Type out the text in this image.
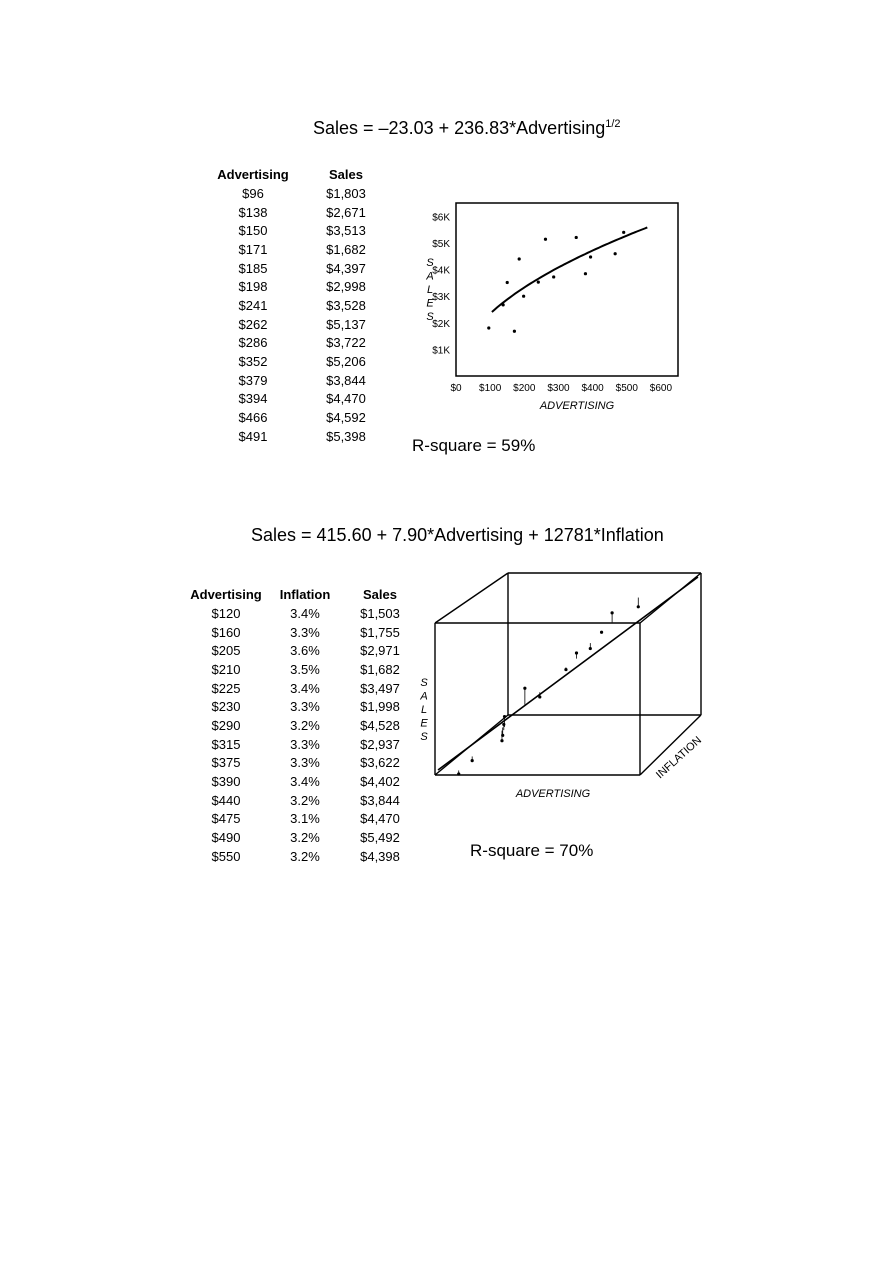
Sales = –23.03 + 236.83*Advertising$^{1/2}$
Advertising	Sales
$96	$1,803
$138	$2,671
$150	$3,513
$171	$1,682
$185	$4,397
$198	$2,998
$241	$3,528
$262	$5,137
$286	$3,722
$352	$5,206
$379	$3,844
$394	$4,470
$466	$4,592
$491	$5,398
$1K
$2K
$3K
$4K
$5K
$6K
$0 $100 $200 $300 $400 $500 $600
S
A
L
E
S
ADVERTISING
R-square = 59%
Sales = 415.60 + 7.90*Advertising + 12781*Inflation
Advertising	Inflation	Sales
$120	3.4%	$1,503
$160	3.3%	$1,755
$205	3.6%	$2,971
$210	3.5%	$1,682
$225	3.4%	$3,497
$230	3.3%	$1,998
$290	3.2%	$4,528
$315	3.3%	$2,937
$375	3.3%	$3,622
$390	3.4%	$4,402
$440	3.2%	$3,844
$475	3.1%	$4,470
$490	3.2%	$5,492
$550	3.2%	$4,398
S
A
L
E
S
ADVERTISING
INFLATION
R-square = 70%
